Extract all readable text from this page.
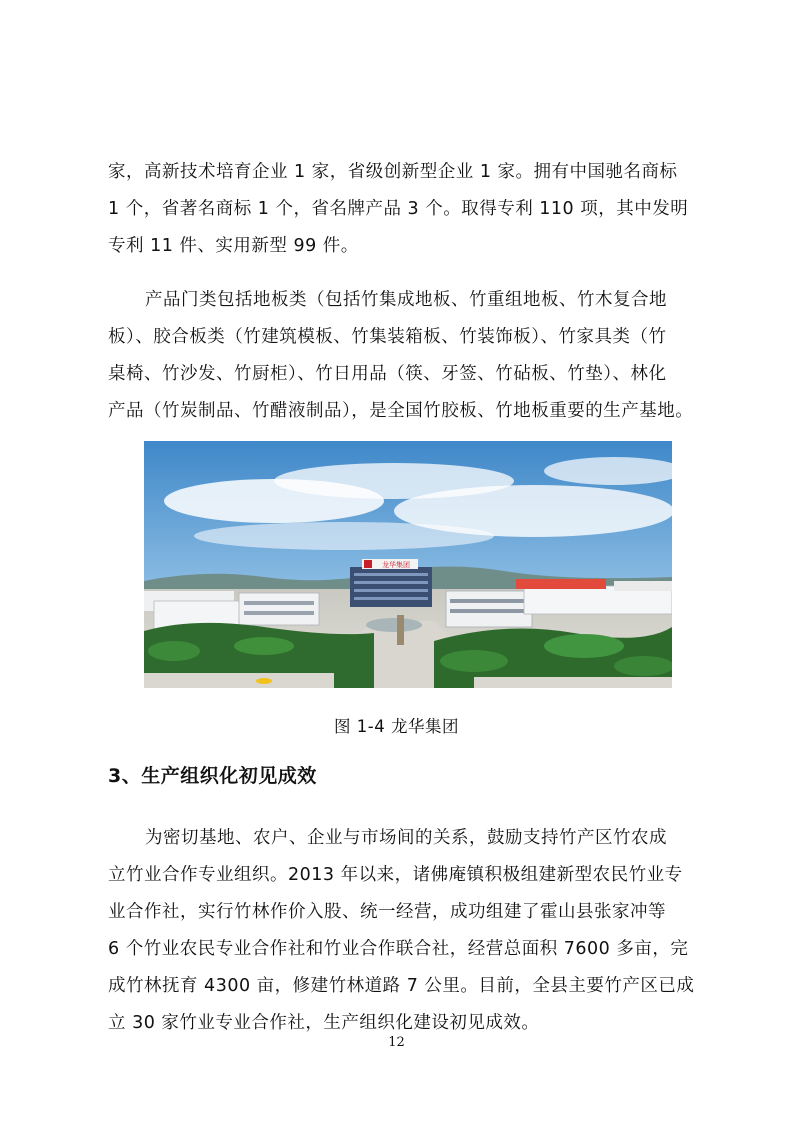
家，高新技术培育企业 1 家，省级创新型企业 1 家。拥有中国驰名商标
1 个，省著名商标 1 个，省名牌产品 3 个。取得专利 110 项，其中发明
专利 11 件、实用新型 99 件。

产品门类包括地板类（包括竹集成地板、竹重组地板、竹木复合地
板）、胶合板类（竹建筑模板、竹集装箱板、竹装饰板）、竹家具类（竹
桌椅、竹沙发、竹厨柜）、竹日用品（筷、牙签、竹砧板、竹垫）、林化
产品（竹炭制品、竹醋液制品），是全国竹胶板、竹地板重要的生产基地。

龙华集团
图 1-4 龙华集团
3、生产组织化初见成效

为密切基地、农户、企业与市场间的关系，鼓励支持竹产区竹农成
立竹业合作专业组织。2013 年以来，诸佛庵镇积极组建新型农民竹业专
业合作社，实行竹林作价入股、统一经营，成功组建了霍山县张家冲等
6 个竹业农民专业合作社和竹业合作联合社，经营总面积 7600 多亩，完
成竹林抚育 4300 亩，修建竹林道路 7 公里。目前，全县主要竹产区已成
立 30 家竹业专业合作社，生产组织化建设初见成效。

12
